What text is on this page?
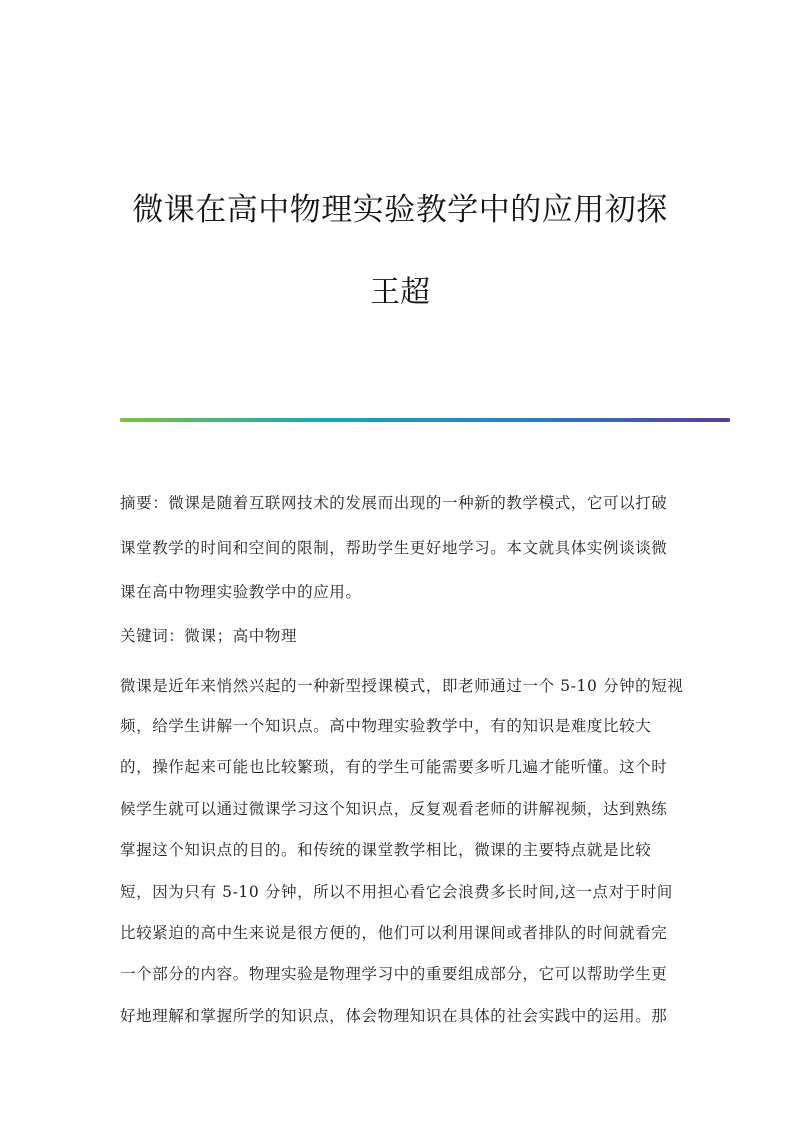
微课在高中物理实验教学中的应用初探
王超
摘要：微课是随着互联网技术的发展而出现的一种新的教学模式，它可以打破
课堂教学的时间和空间的限制，帮助学生更好地学习。本文就具体实例谈谈微
课在高中物理实验教学中的应用。
关键词：微课；高中物理
微课是近年来悄然兴起的一种新型授课模式，即老师通过一个 5-10 分钟的短视
频，给学生讲解一个知识点。高中物理实验教学中，有的知识是难度比较大
的，操作起来可能也比较繁琐，有的学生可能需要多听几遍才能听懂。这个时
候学生就可以通过微课学习这个知识点，反复观看老师的讲解视频，达到熟练
掌握这个知识点的目的。和传统的课堂教学相比，微课的主要特点就是比较
短，因为只有 5-10 分钟，所以不用担心看它会浪费多长时间,这一点对于时间
比较紧迫的高中生来说是很方便的，他们可以利用课间或者排队的时间就看完
一个部分的内容。物理实验是物理学习中的重要组成部分，它可以帮助学生更
好地理解和掌握所学的知识点，体会物理知识在具体的社会实践中的运用。那
